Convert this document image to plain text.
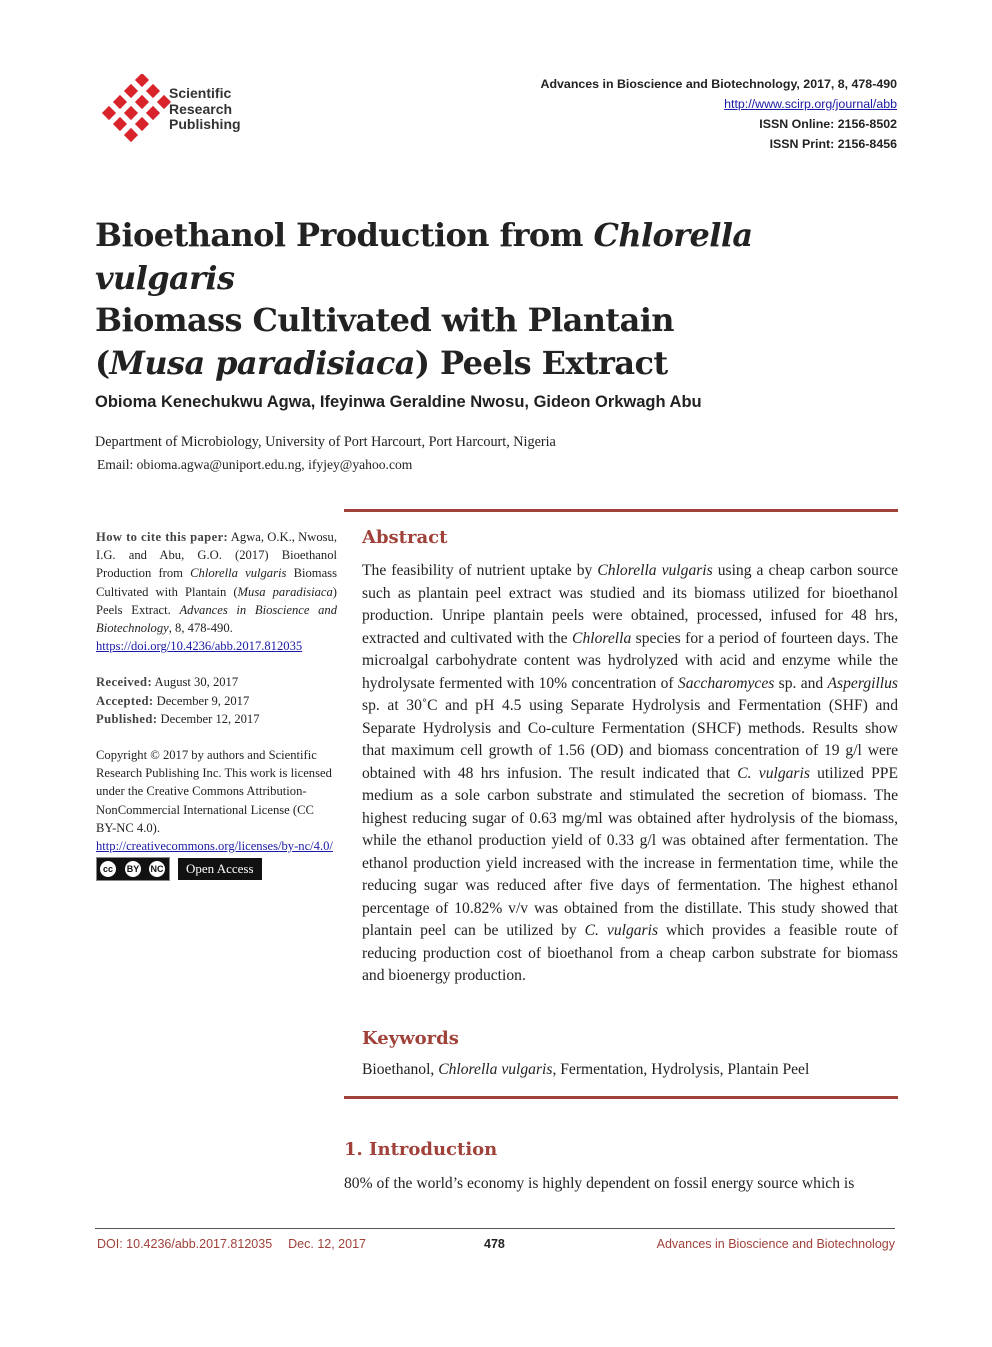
Scientific
Research
Publishing
Advances in Bioscience and Biotechnology, 2017, 8, 478-490
http://www.scirp.org/journal/abb
ISSN Online: 2156-8502
ISSN Print: 2156-8456
Bioethanol Production from Chlorella vulgaris
Biomass Cultivated with Plantain
(Musa paradisiaca) Peels Extract
Obioma Kenechukwu Agwa, Ifeyinwa Geraldine Nwosu, Gideon Orkwagh Abu
Department of Microbiology, University of Port Harcourt, Port Harcourt, Nigeria
Email: obioma.agwa@uniport.edu.ng, ifyjey@yahoo.com

How to cite this paper: Agwa, O.K., Nwosu, I.G. and Abu, G.O. (2017) Bioethanol Production from Chlorella vulgaris Biomass Cultivated with Plantain (Musa paradisiaca) Peels Extract. Advances in Bioscience and Biotechnology, 8, 478-490.
https://doi.org/10.4236/abb.2017.812035

Received: August 30, 2017

Accepted: December 9, 2017

Published: December 12, 2017

Copyright © 2017 by authors and Scientific Research Publishing Inc. This work is licensed under the Creative Commons Attribution-NonCommercial International License (CC BY-NC 4.0).

http://creativecommons.org/licenses/by-nc/4.0/

cc	BY NC Open Access

Abstract

The feasibility of nutrient uptake by Chlorella vulgaris using a cheap carbon source such as plantain peel extract was studied and its biomass utilized for bioethanol production. Unripe plantain peels were obtained, processed, infused for 48 hrs, extracted and cultivated with the Chlorella species for a period of fourteen days. The microalgal carbohydrate content was hydrolyzed with acid and enzyme while the hydrolysate fermented with 10% concentration of Saccharomyces sp. and Aspergillus sp. at 30˚C and pH 4.5 using Separate Hydrolysis and Fermentation (SHF) and Separate Hydrolysis and Co-culture Fermentation (SHCF) methods. Results show that maximum cell growth of 1.56 (OD) and biomass concentration of 19 g/l were obtained with 48 hrs infusion. The result indicated that C. vulgaris utilized PPE medium as a sole carbon substrate and stimulated the secretion of biomass. The highest reducing sugar of 0.63 mg/ml was obtained after hydrolysis of the biomass, while the ethanol production yield of 0.33 g/l was obtained after fermentation. The ethanol production yield increased with the increase in fermentation time, while the reducing sugar was reduced after five days of fermentation. The highest ethanol percentage of 10.82% v/v was obtained from the distillate. This study showed that plantain peel can be utilized by C. vulgaris which provides a feasible route of reducing production cost of bioethanol from a cheap carbon substrate for biomass and bioenergy production.

Keywords

Bioethanol, Chlorella vulgaris, Fermentation, Hydrolysis, Plantain Peel

1. Introduction

80% of the world’s economy is highly dependent on fossil energy source which is

DOI: 10.4236/abb.2017.812035 Dec. 12, 2017	478	Advances in Bioscience and Biotechnology
